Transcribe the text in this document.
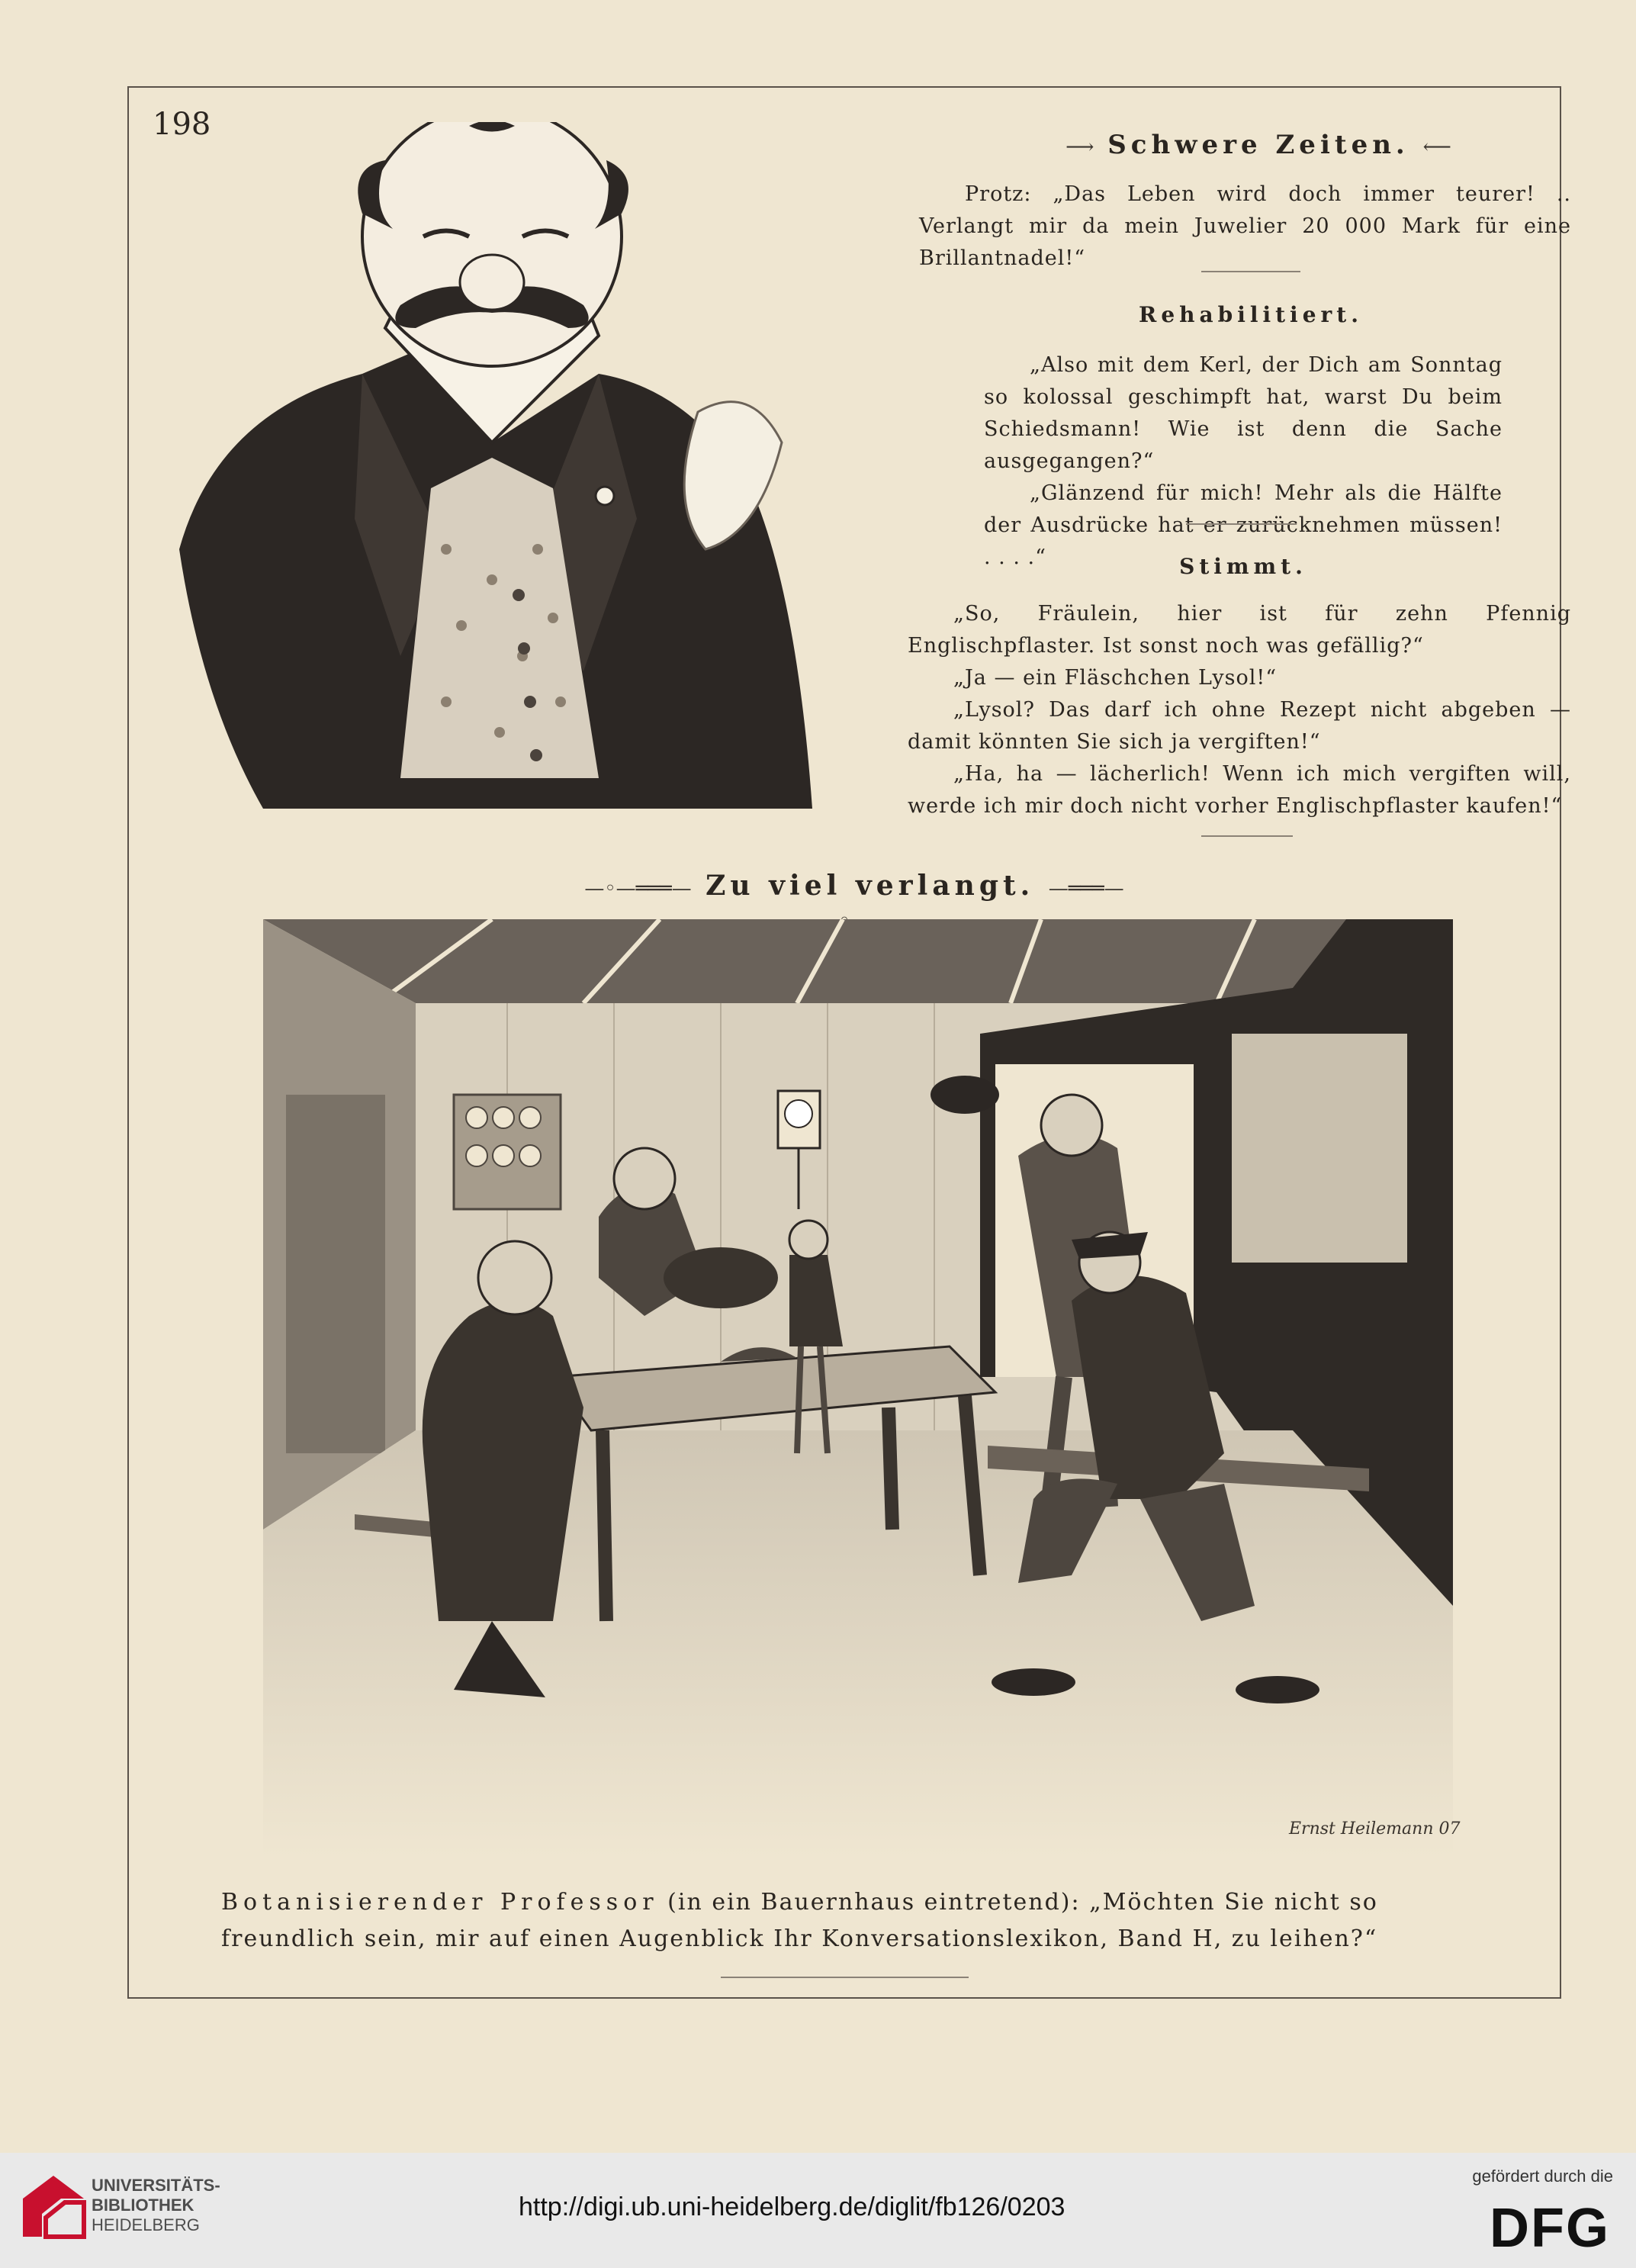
198
⟶ Schwere Zeiten. ⟵

Protz: „Das Leben wird doch immer teurer! .. Verlangt mir da mein Juwelier 20 000 Mark für eine Brillantnadel!“

Rehabilitiert.

„Also mit dem Kerl, der Dich am Sonntag so kolossal geschimpft hat, warst Du beim Schiedsmann! Wie ist denn die Sache ausgegangen?“

„Glänzend für mich! Mehr als die Hälfte der Ausdrücke hat er zurücknehmen müssen! . . . .“	Stimmt.

„So, Fräulein, hier ist für zehn Pfennig Englischpflaster. Ist sonst noch was gefällig?“

„Ja — ein Fläschchen Lysol!“

„Lysol? Das darf ich ohne Rezept nicht abgeben — damit könnten Sie sich ja vergiften!“

„Ha, ha — lächerlich! Wenn ich mich vergiften will, werde ich mir doch nicht vorher Englischpflaster kaufen!“

—◦—═══— Zu viel verlangt. —═══—
Ernst Heilemann 07
Botanisierender Professor (in ein Bauernhaus eintretend): „Möchten Sie nicht so freundlich sein, mir auf einen Augenblick Ihr Konversationslexikon, Band H, zu leihen?“
UNIVERSITÄTS-
BIBLIOTHEK
HEIDELBERG
http://digi.ub.uni-heidelberg.de/diglit/fb126/0203
gefördert durch die
DFG
